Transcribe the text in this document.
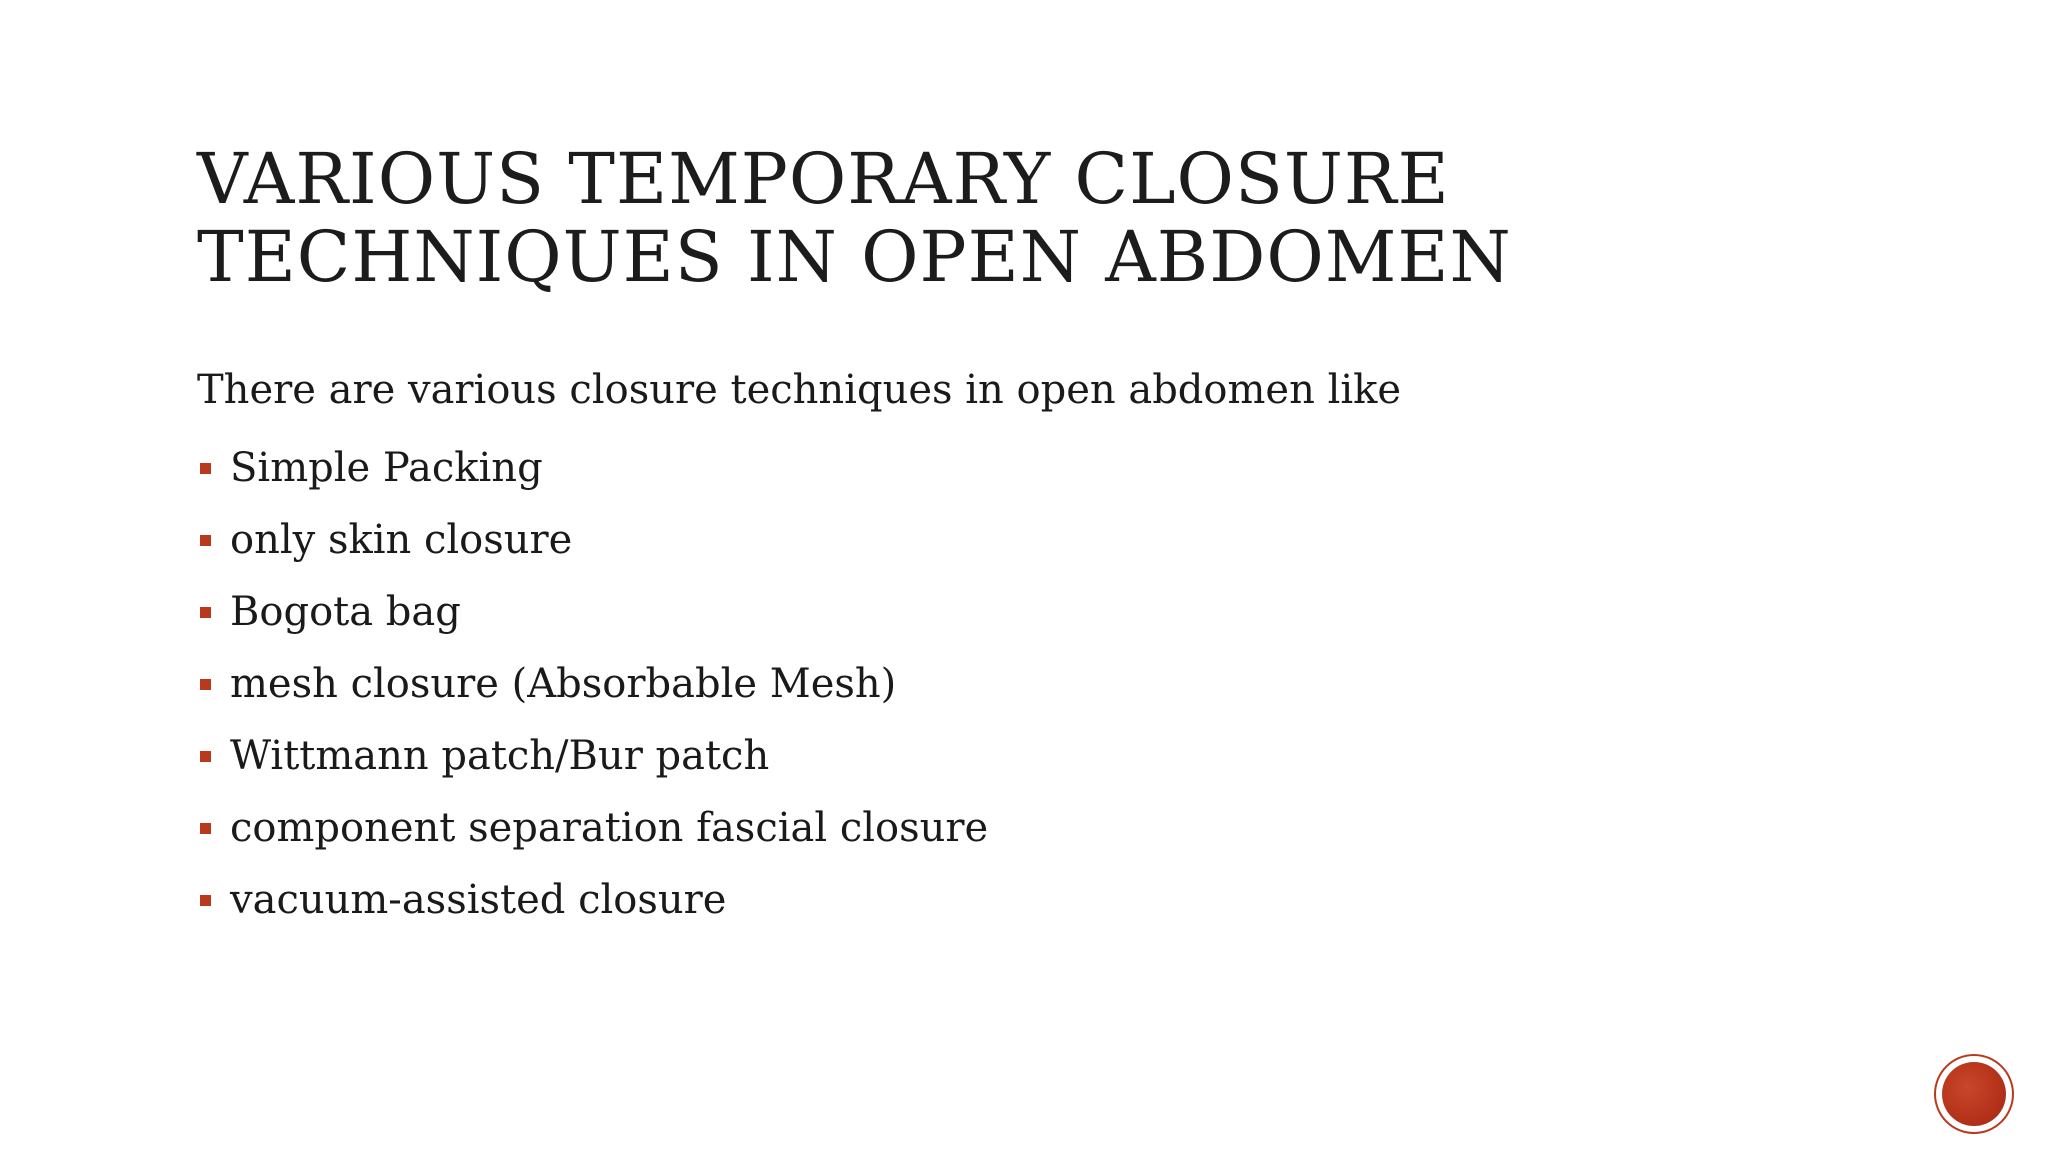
VARIOUS TEMPORARY CLOSURE
TECHNIQUES IN OPEN ABDOMEN

There are various closure techniques in open abdomen like

Simple Packing
only skin closure
Bogota bag
mesh closure (Absorbable Mesh)
Wittmann patch/Bur patch
component separation fascial closure
vacuum-assisted closure
